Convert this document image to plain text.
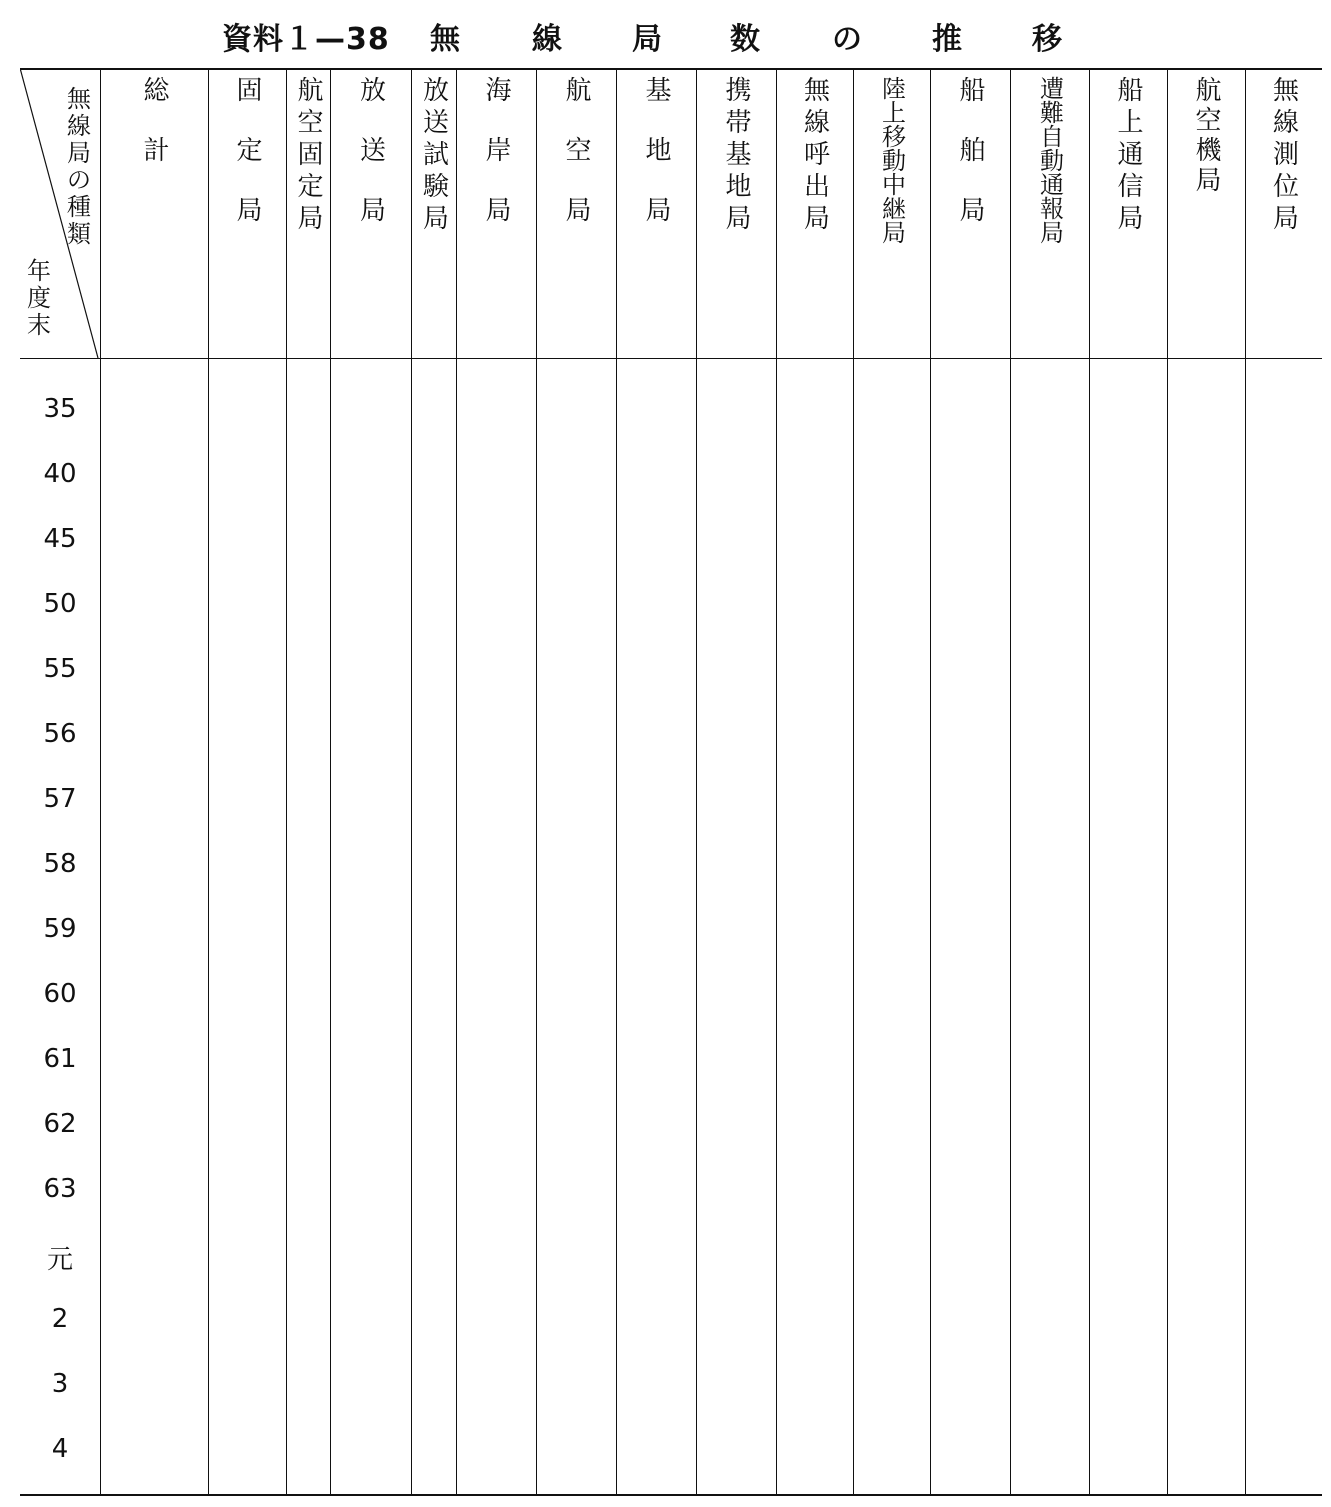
資料１—38 無 線 局 数 の 推 移
無
線
局
の
種
類
年
度
末
総　計 固　定　局 航空固定局 放　送　局 放送試験局 海　岸　局 航　空　局 基　地　局 携帯基地局 無線呼出局 陸上移動中継局 船　舶　局 遭難自動通報局 船上通信局 航空機局 無線測位局
35
40
45
50
55
56
57
58
59
60
61
62
63
元
2
3
4
